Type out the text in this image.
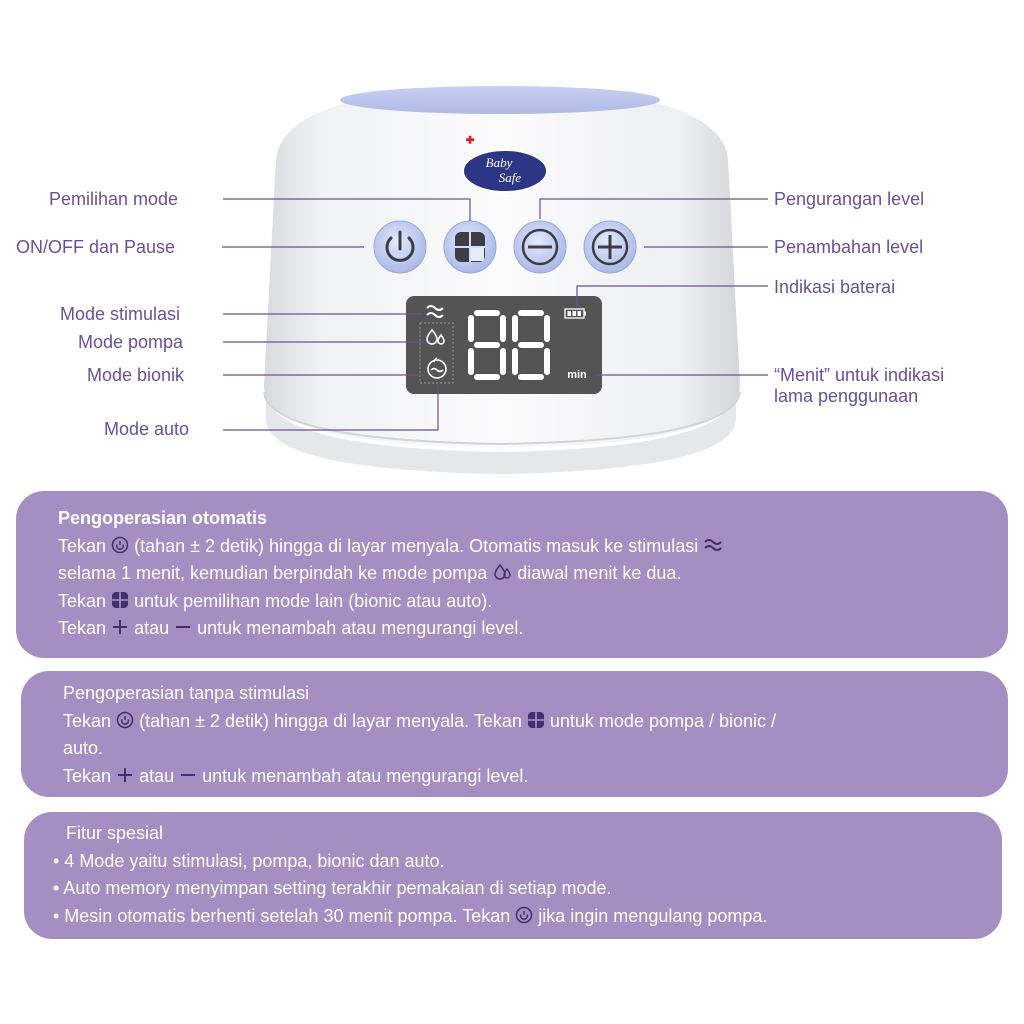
Baby
Safe
min
Pemilihan mode
ON/OFF dan Pause
Mode stimulasi
Mode pompa
Mode bionik
Mode auto
Pengurangan level
Penambahan level
Indikasi baterai
“Menit” untuk indikasi
lama penggunaan
Pengoperasian otomatis
Tekan (tahan ± 2 detik) hingga di layar menyala. Otomatis masuk ke stimulasi
selama 1 menit, kemudian berpindah ke mode pompa diawal menit ke dua.
Tekan untuk pemilihan mode lain (bionic atau auto).
Tekan atau untuk menambah atau mengurangi level.
Pengoperasian tanpa stimulasi
Tekan (tahan ± 2 detik) hingga di layar menyala. Tekan untuk mode pompa / bionic /
auto.
Tekan atau untuk menambah atau mengurangi level.
Fitur spesial
• 4 Mode yaitu stimulasi, pompa, bionic dan auto.
• Auto memory menyimpan setting terakhir pemakaian di setiap mode.
• Mesin otomatis berhenti setelah 30 menit pompa. Tekan jika ingin mengulang pompa.
